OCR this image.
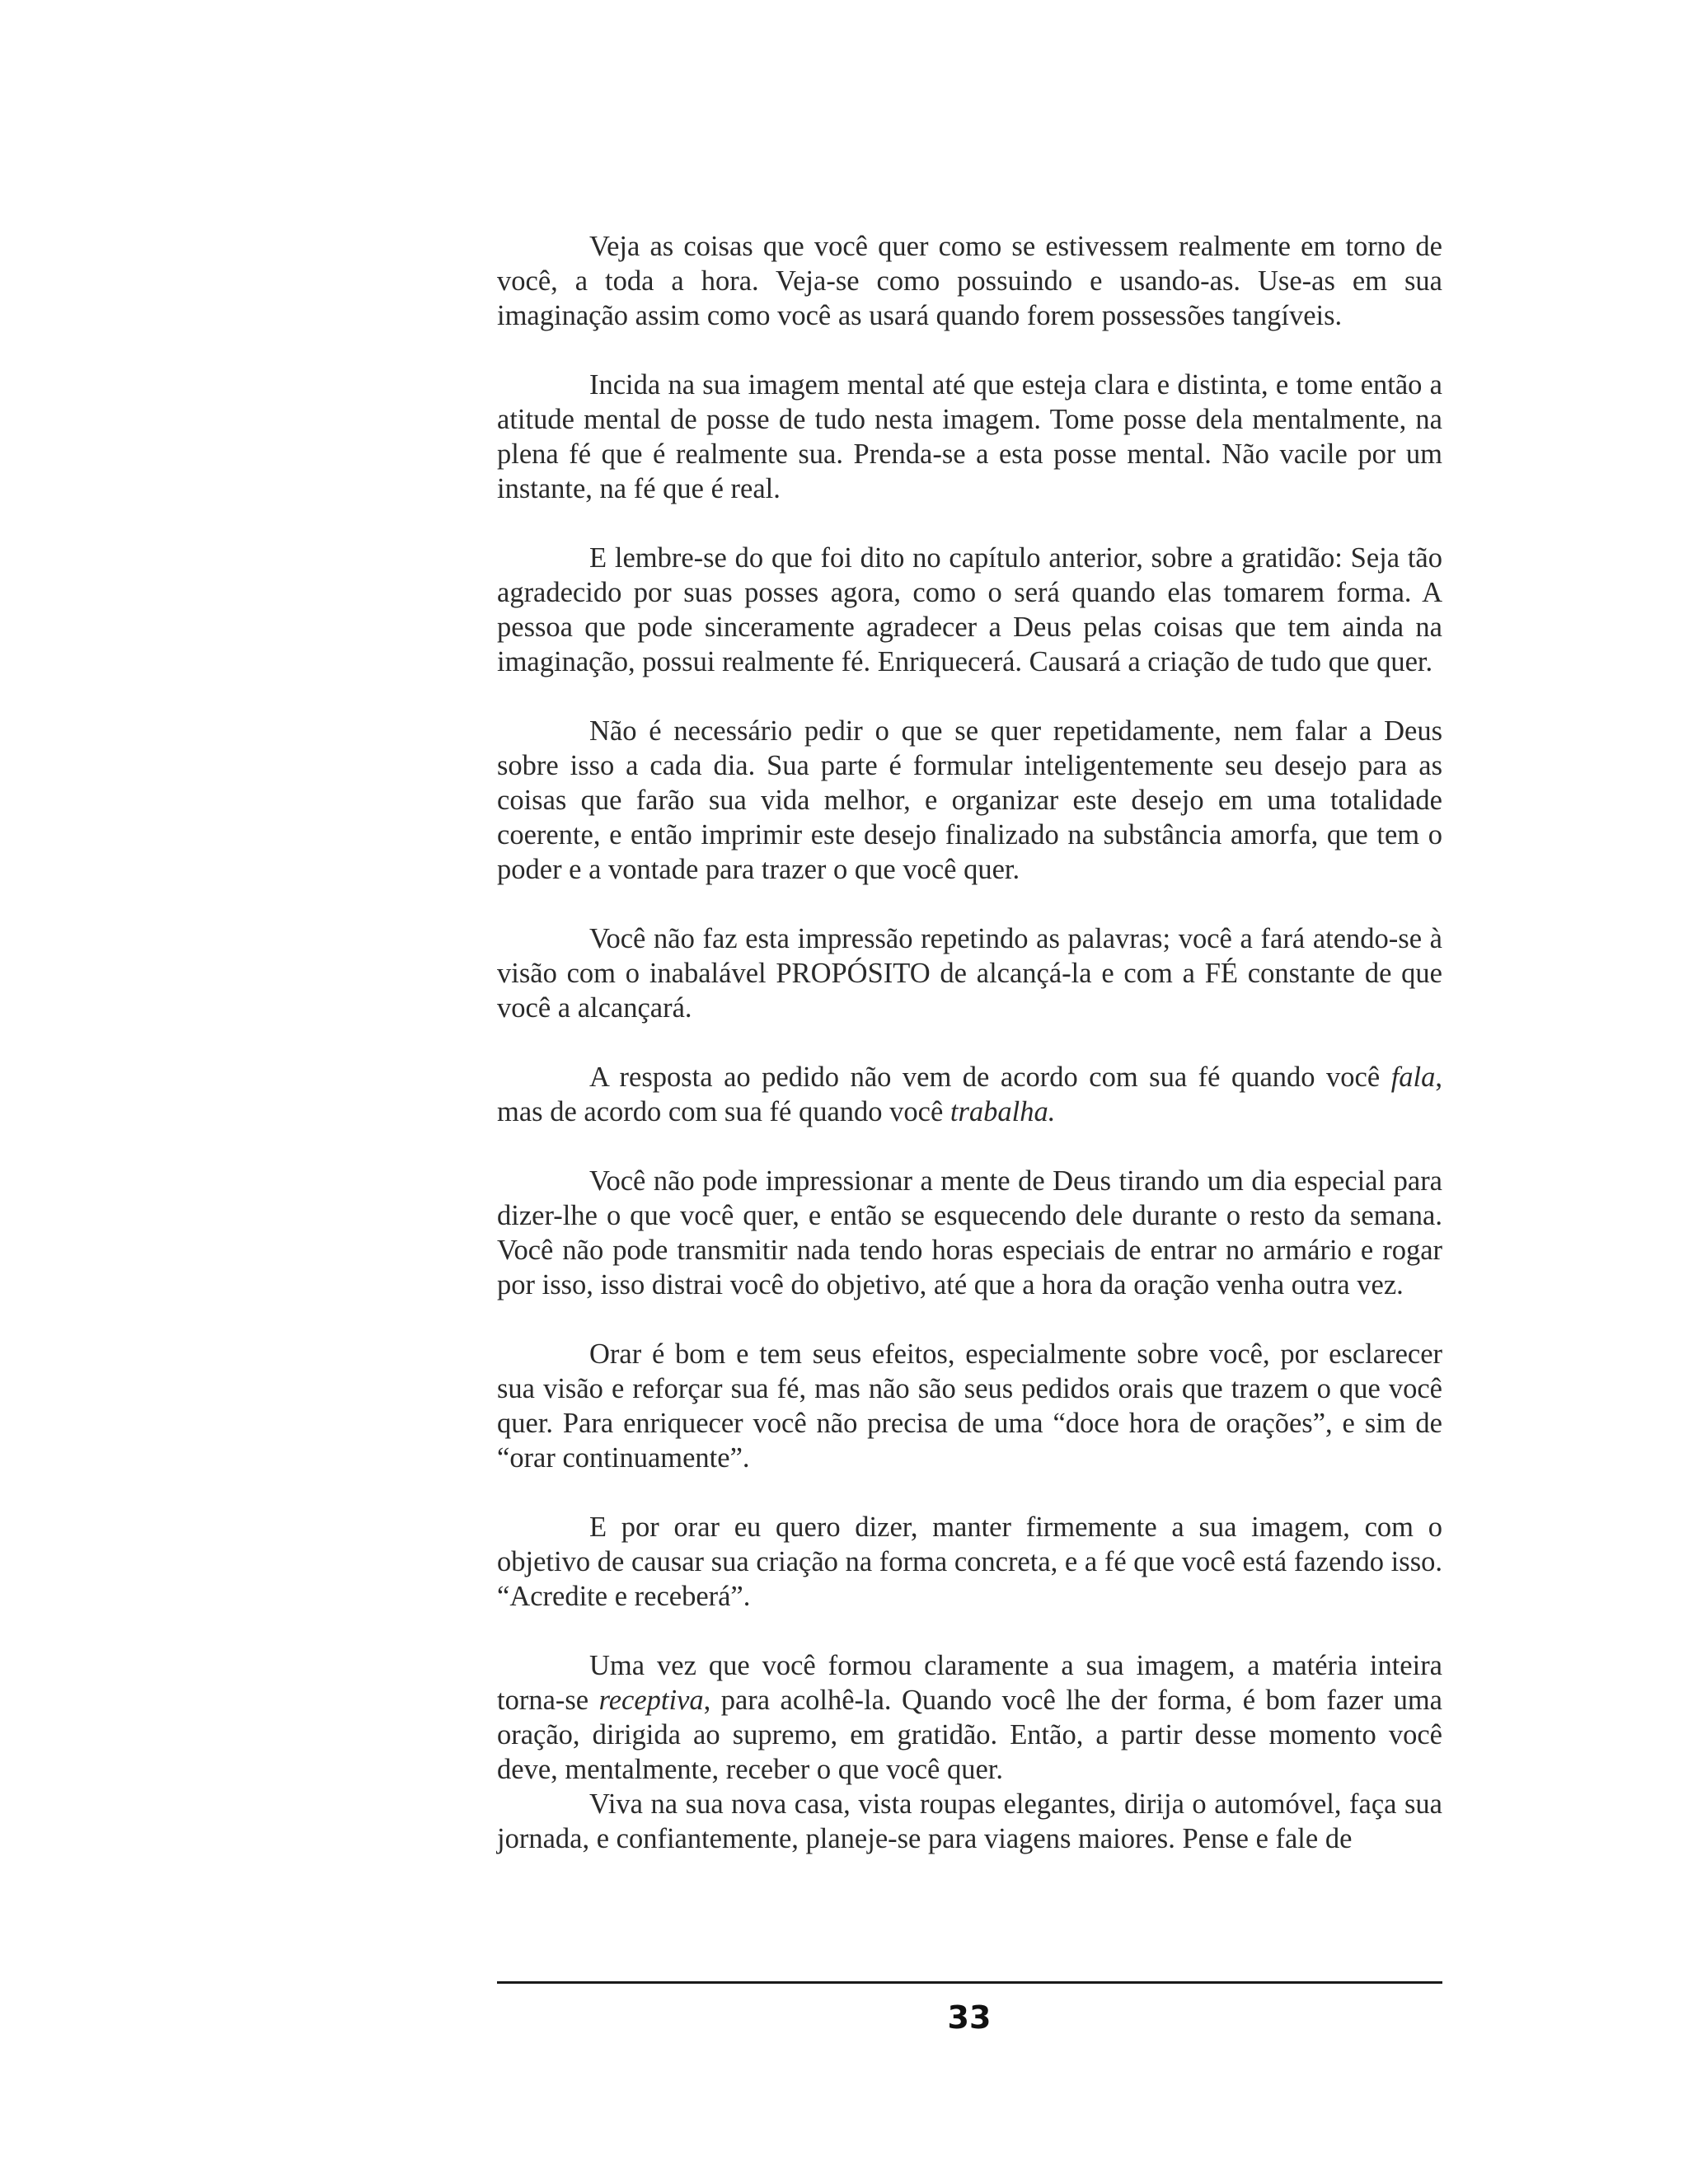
Veja as coisas que você quer como se estivessem realmente em torno de você, a toda a hora. Veja-se como possuindo e usando-as. Use-as em sua imaginação assim como você as usará quando forem possessões tangíveis.

Incida na sua imagem mental até que esteja clara e distinta, e tome então a atitude mental de posse de tudo nesta imagem. Tome posse dela mentalmente, na plena fé que é realmente sua. Prenda-se a esta posse mental. Não vacile por um instante, na fé que é real.

E lembre-se do que foi dito no capítulo anterior, sobre a gratidão: Seja tão agradecido por suas posses agora, como o será quando elas tomarem forma. A pessoa que pode sinceramente agradecer a Deus pelas coisas que tem ainda na imaginação, possui realmente fé. Enriquecerá. Causará a criação de tudo que quer.

Não é necessário pedir o que se quer repetidamente, nem falar a Deus sobre isso a cada dia. Sua parte é formular inteligentemente seu desejo para as coisas que farão sua vida melhor, e organizar este desejo em uma totalidade coerente, e então imprimir este desejo finalizado na substância amorfa, que tem o poder e a vontade para trazer o que você quer.

Você não faz esta impressão repetindo as palavras; você a fará atendo-se à visão com o inabalável PROPÓSITO de alcançá-la e com a FÉ constante de que você a alcançará.

A resposta ao pedido não vem de acordo com sua fé quando você fala, mas de acordo com sua fé quando você trabalha.

Você não pode impressionar a mente de Deus tirando um dia especial para dizer-lhe o que você quer, e então se esquecendo dele durante o resto da semana. Você não pode transmitir nada tendo horas especiais de entrar no armário e rogar por isso, isso distrai você do objetivo, até que a hora da oração venha outra vez.

Orar é bom e tem seus efeitos, especialmente sobre você, por esclarecer sua visão e reforçar sua fé, mas não são seus pedidos orais que trazem o que você quer. Para enriquecer você não precisa de uma “doce hora de orações”, e sim de “orar continuamente”.

E por orar eu quero dizer, manter firmemente a sua imagem, com o objetivo de causar sua criação na forma concreta, e a fé que você está fazendo isso. “Acredite e receberá”.

Uma vez que você formou claramente a sua imagem, a matéria inteira torna-se receptiva, para acolhê-la. Quando você lhe der forma, é bom fazer uma oração, dirigida ao supremo, em gratidão. Então, a partir desse momento você deve, mentalmente, receber o que você quer.

Viva na sua nova casa, vista roupas elegantes, dirija o automóvel, faça sua jornada, e confiantemente, planeje-se para viagens maiores. Pense e fale de

33
